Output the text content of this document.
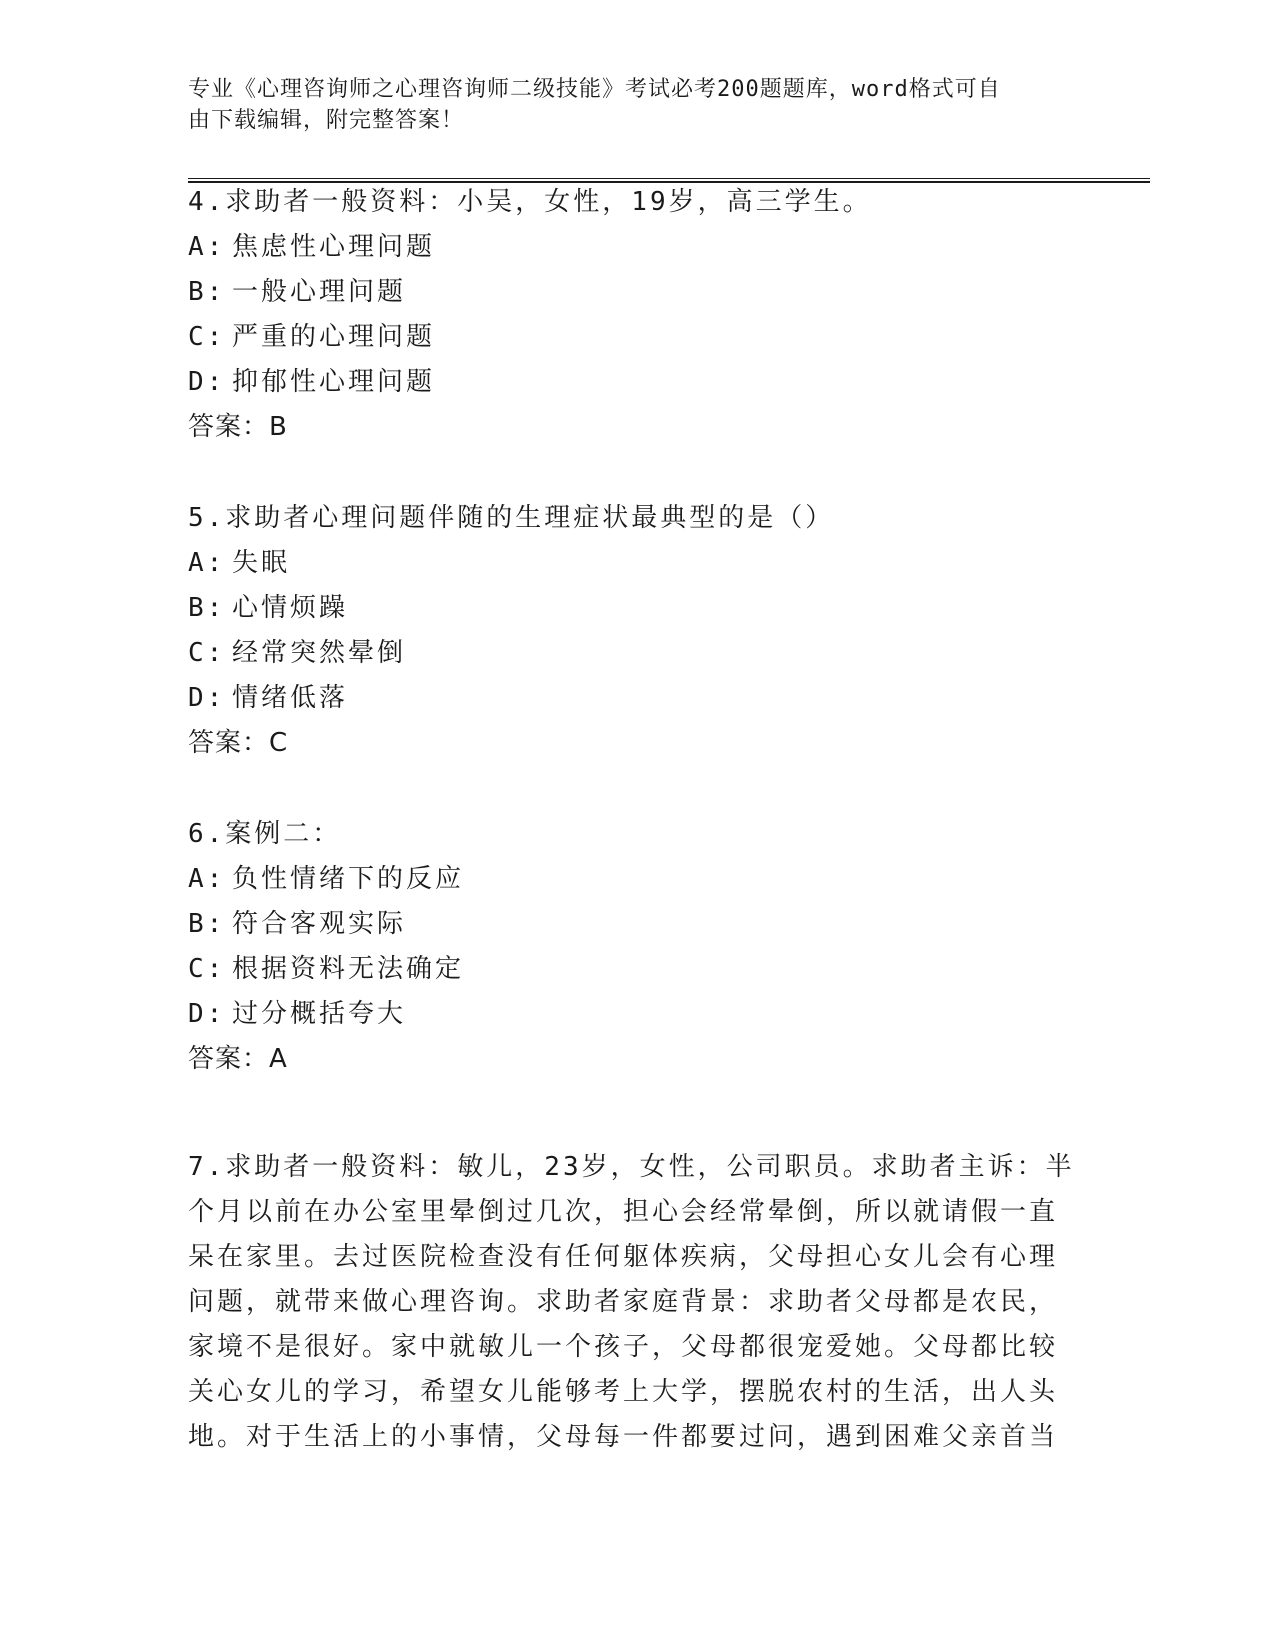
专业《心理咨询师之心理咨询师二级技能》考试必考200题题库，word格式可自
由下载编辑，附完整答案！
4.求助者一般资料：小吴，女性，19岁，高三学生。
A: 焦虑性心理问题
B: 一般心理问题
C: 严重的心理问题
D: 抑郁性心理问题
答案：B
5.求助者心理问题伴随的生理症状最典型的是（）
A: 失眠
B: 心情烦躁
C: 经常突然晕倒
D: 情绪低落
答案：C
6.案例二：
A: 负性情绪下的反应
B: 符合客观实际
C: 根据资料无法确定
D: 过分概括夸大
答案：A
7.求助者一般资料：敏儿，23岁，女性，公司职员。求助者主诉：半
个月以前在办公室里晕倒过几次，担心会经常晕倒，所以就请假一直
呆在家里。去过医院检查没有任何躯体疾病，父母担心女儿会有心理
问题，就带来做心理咨询。求助者家庭背景：求助者父母都是农民，
家境不是很好。家中就敏儿一个孩子，父母都很宠爱她。父母都比较
关心女儿的学习，希望女儿能够考上大学，摆脱农村的生活，出人头
地。对于生活上的小事情，父母每一件都要过问，遇到困难父亲首当
